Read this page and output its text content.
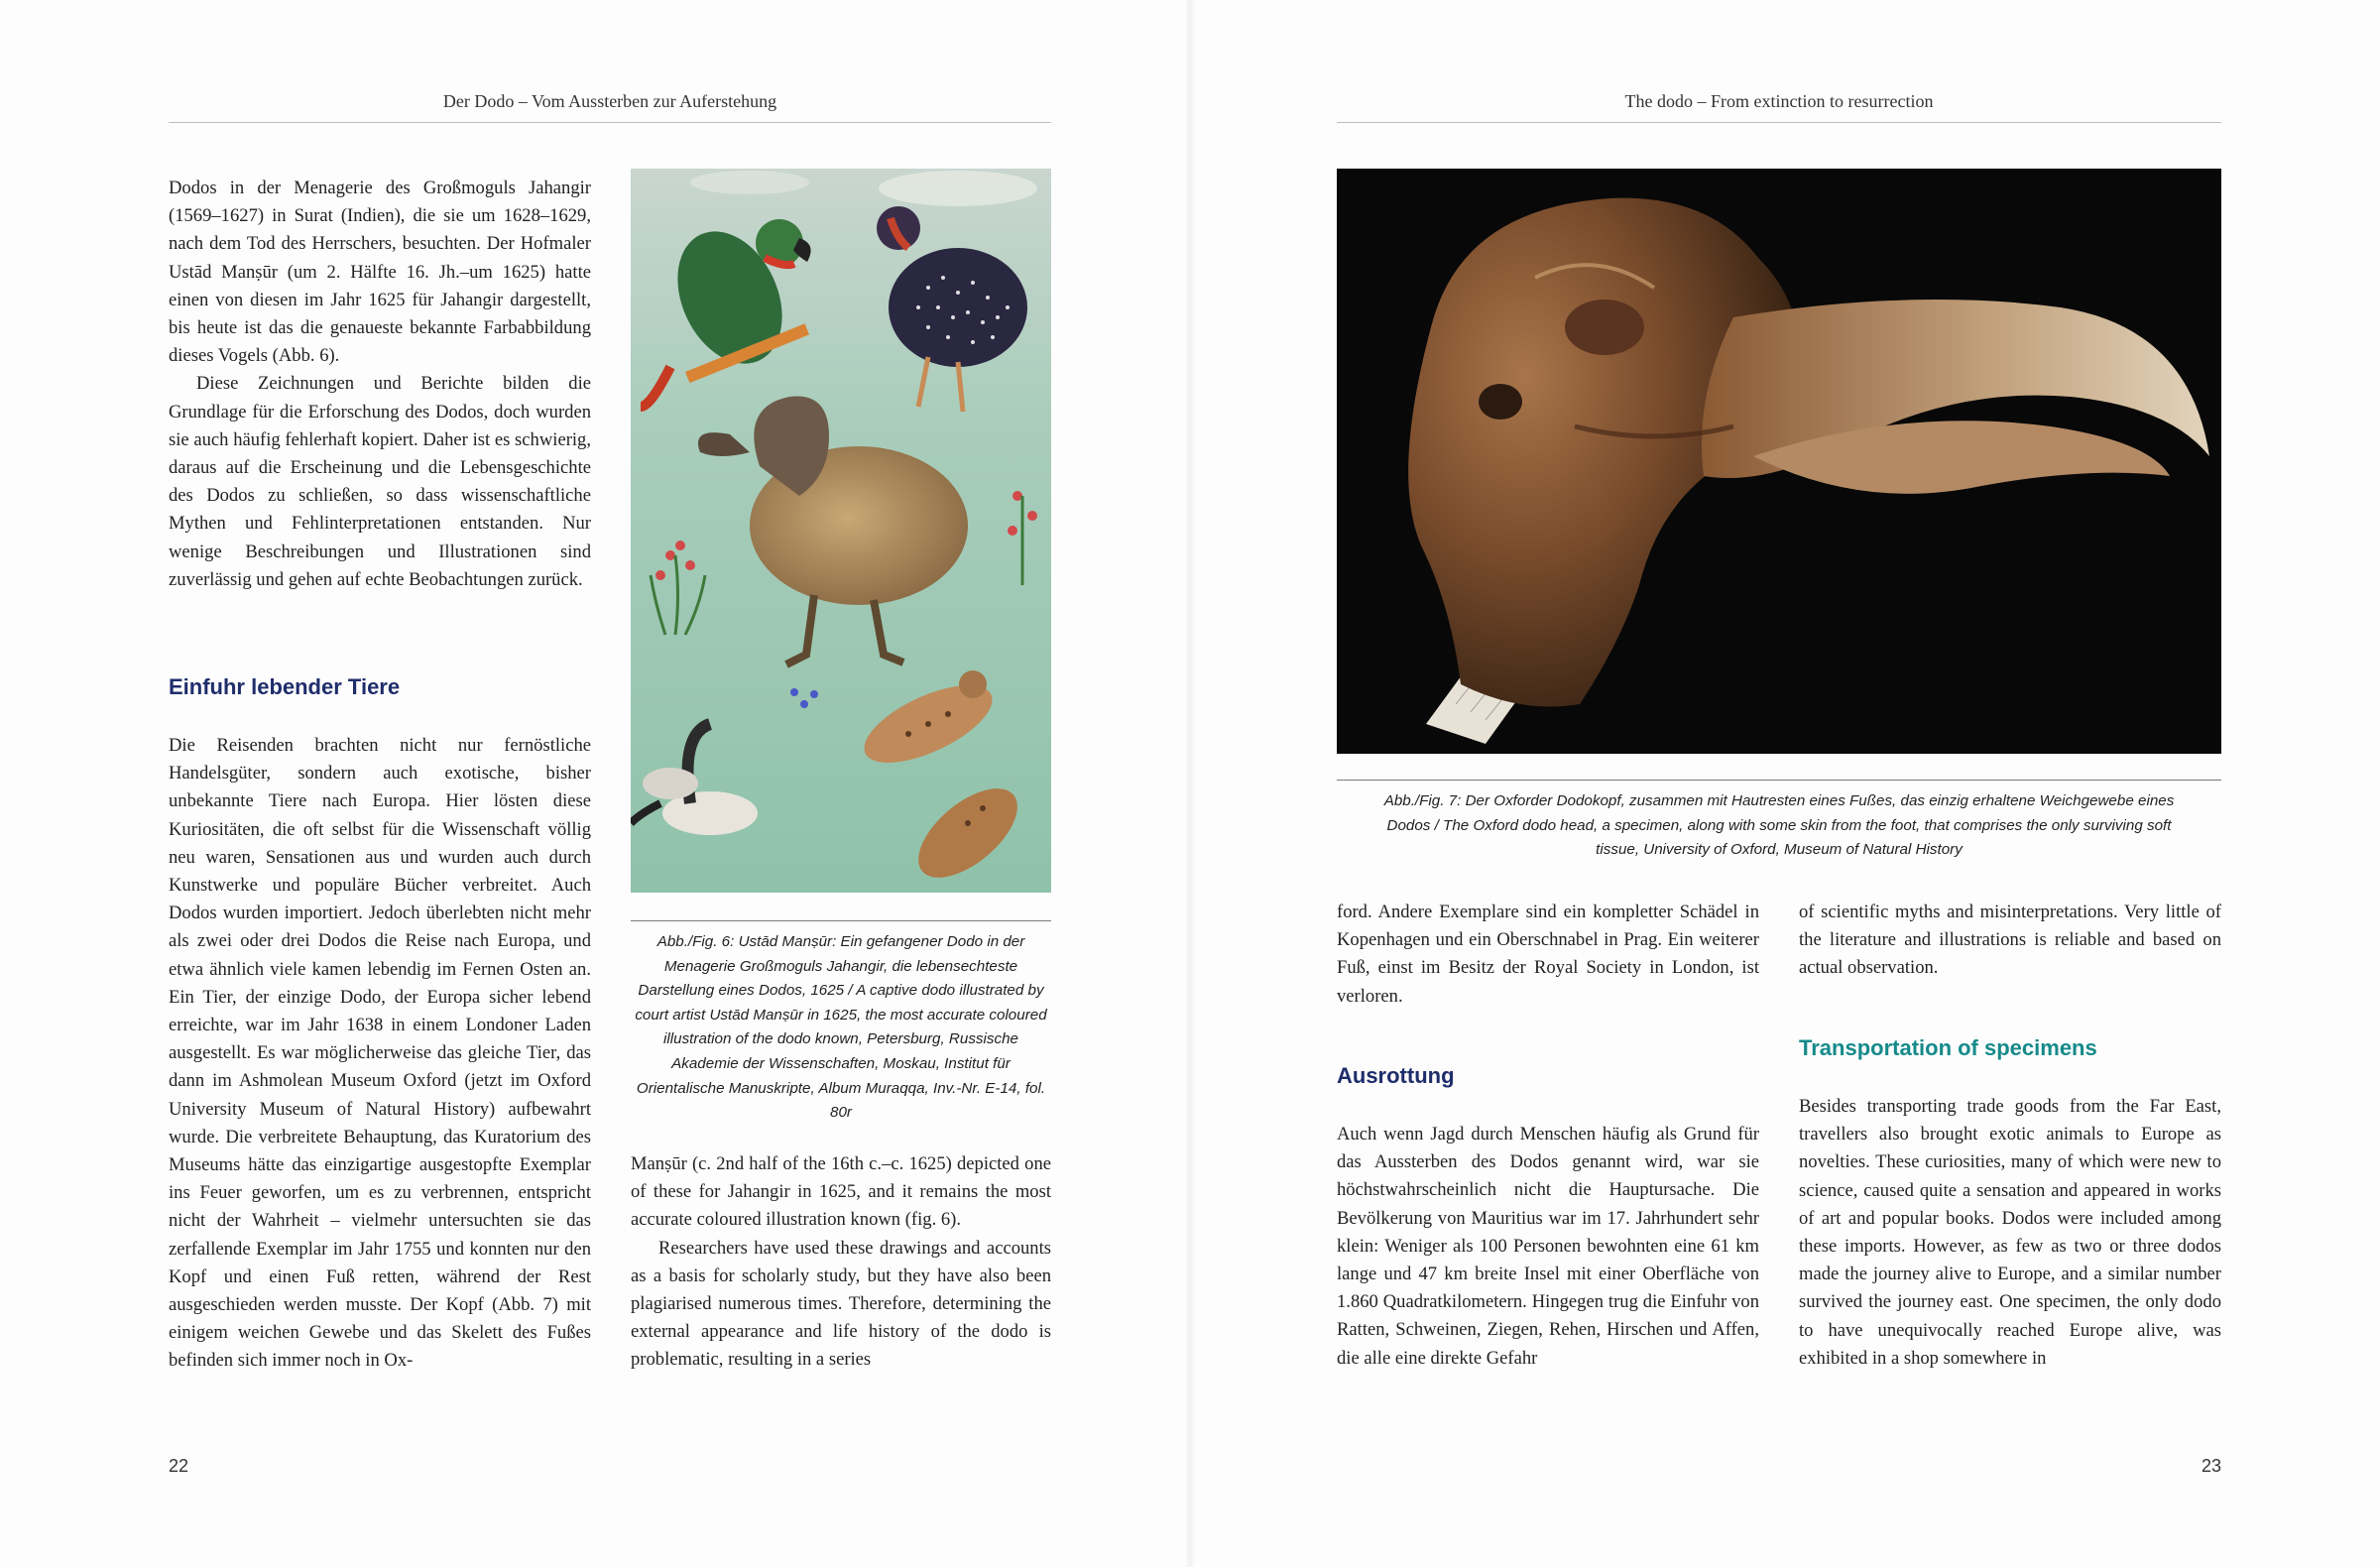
Der Dodo – Vom Aussterben zur Auferstehung

Dodos in der Menagerie des Großmoguls Jahangir (1569–1627) in Surat (Indien), die sie um 1628–1629, nach dem Tod des Herrschers, besuchten. Der Hofmaler Ustād Manṣūr (um 2. Hälfte 16. Jh.–um 1625) hatte einen von diesen im Jahr 1625 für Jahangir dargestellt, bis heute ist das die genaueste bekannte Farbabbildung dieses Vogels (Abb. 6).

Diese Zeichnungen und Berichte bilden die Grundlage für die Erforschung des Dodos, doch wurden sie auch häufig fehlerhaft kopiert. Daher ist es schwierig, daraus auf die Erscheinung und die Lebensgeschichte des Dodos zu schließen, so dass wissenschaftliche Mythen und Fehlinterpretationen entstanden. Nur wenige Beschreibungen und Illustrationen sind zuverlässig und gehen auf echte Beobachtungen zurück.

Einfuhr lebender Tiere

Die Reisenden brachten nicht nur fernöstliche Handelsgüter, sondern auch exotische, bisher unbekannte Tiere nach Europa. Hier lösten diese Kuriositäten, die oft selbst für die Wissenschaft völlig neu waren, Sensationen aus und wurden auch durch Kunstwerke und populäre Bücher verbreitet. Auch Dodos wurden importiert. Jedoch überlebten nicht mehr als zwei oder drei Dodos die Reise nach Europa, und etwa ähnlich viele kamen lebendig im Fernen Osten an. Ein Tier, der einzige Dodo, der Europa sicher lebend erreichte, war im Jahr 1638 in einem Londoner Laden ausgestellt. Es war möglicherweise das gleiche Tier, das dann im Ashmolean Museum Oxford (jetzt im Oxford University Museum of Natural History) aufbewahrt wurde. Die verbreitete Behauptung, das Kuratorium des Museums hätte das einzigartige ausgestopfte Exemplar ins Feuer geworfen, um es zu verbrennen, entspricht nicht der Wahrheit – vielmehr untersuchten sie das zerfallende Exemplar im Jahr 1755 und konnten nur den Kopf und einen Fuß retten, während der Rest ausgeschieden werden musste. Der Kopf (Abb. 7) mit einigem weichen Gewebe und das Skelett des Fußes befinden sich immer noch in Ox-

Abb./Fig. 6: Ustād Manṣūr: Ein gefangener Dodo in der Menagerie Großmoguls Jahangir, die lebensechteste Darstellung eines Dodos, 1625 / A captive dodo illustrated by court artist Ustād Manṣūr in 1625, the most accurate coloured illustration of the dodo known, Petersburg, Russische Akademie der Wissenschaften, Moskau, Institut für Orientalische Manuskripte, Album Muraqqa, Inv.-Nr. E-14, fol. 80r

Manṣūr (c. 2nd half of the 16th c.–c. 1625) depicted one of these for Jahangir in 1625, and it remains the most accurate coloured illustration known (fig. 6).

Researchers have used these drawings and accounts as a basis for scholarly study, but they have also been plagiarised numerous times. Therefore, determining the external appearance and life history of the dodo is problematic, resulting in a series

22
The dodo – From extinction to resurrection
Abb./Fig. 7: Der Oxforder Dodokopf, zusammen mit Hautresten eines Fußes, das einzig erhaltene Weichgewebe eines Dodos / The Oxford dodo head, a specimen, along with some skin from the foot, that comprises the only surviving soft tissue, University of Oxford, Museum of Natural History

ford. Andere Exemplare sind ein kompletter Schädel in Kopenhagen und ein Oberschnabel in Prag. Ein weiterer Fuß, einst im Besitz der Royal Society in London, ist verloren.

Ausrottung

Auch wenn Jagd durch Menschen häufig als Grund für das Aussterben des Dodos genannt wird, war sie höchstwahrscheinlich nicht die Hauptursache. Die Bevölkerung von Mauritius war im 17. Jahrhundert sehr klein: Weniger als 100 Personen bewohnten eine 61 km lange und 47 km breite Insel mit einer Oberfläche von 1.860 Quadratkilometern. Hingegen trug die Einfuhr von Ratten, Schweinen, Ziegen, Rehen, Hirschen und Affen, die alle eine direkte Gefahr

of scientific myths and misinterpretations. Very little of the literature and illustrations is reliable and based on actual observation.

Transportation of specimens

Besides transporting trade goods from the Far East, travellers also brought exotic animals to Europe as novelties. These curiosities, many of which were new to science, caused quite a sensation and appeared in works of art and popular books. Dodos were included among these imports. However, as few as two or three dodos made the journey alive to Europe, and a similar number survived the journey east. One specimen, the only dodo to have unequivocally reached Europe alive, was exhibited in a shop somewhere in

23
